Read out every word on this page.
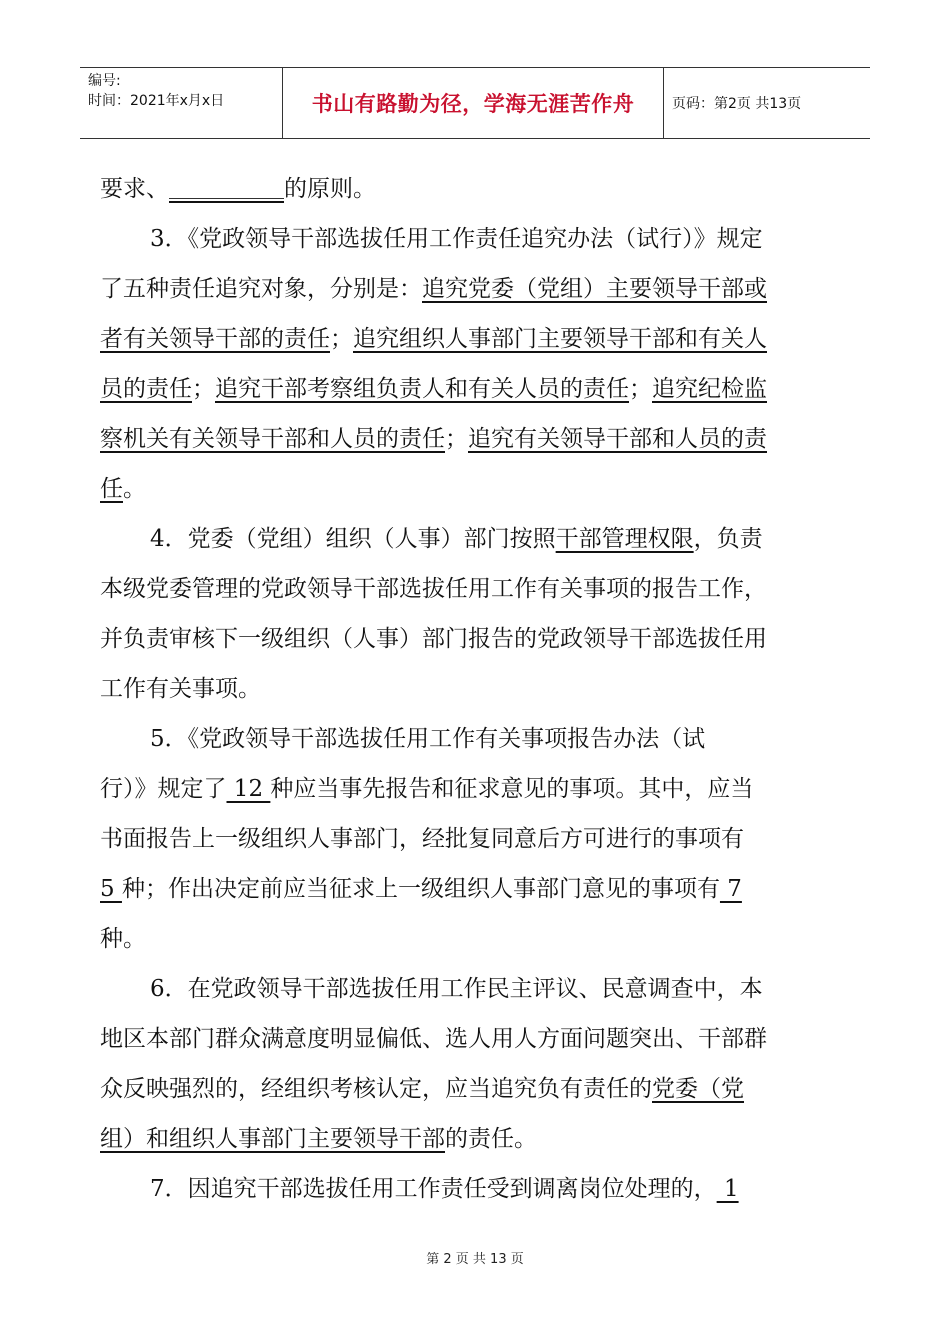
编号:
时间：2021年x月x日	书山有路勤为径，学海无涯苦作舟	页码：第2页 共13页
要求、 ＿＿＿＿＿ 的原则。
3．《党政领导干部选拔任用工作责任追究办法（试行）》规定
了五种责任追究对象，分别是：追究党委（党组）主要领导干部或
者有关领导干部的责任；追究组织人事部门主要领导干部和有关人
员的责任；追究干部考察组负责人和有关人员的责任；追究纪检监
察机关有关领导干部和人员的责任；追究有关领导干部和人员的责
任 。
4．党委（党组）组织（人事）部门按照干部管理权限，负责
本级党委管理的党政领导干部选拔任用工作有关事项的报告工作，
并负责审核下一级组织（人事）部门报告的党政领导干部选拔任用
工作有关事项。
5．《党政领导干部选拔任用工作有关事项报告办法（试
行）》规定了 12 种应当事先报告和征求意见的事项。其中，应当
书面报告上一级组织人事部门，经批复同意后方可进行的事项有
5 种；作出决定前应当征求上一级组织人事部门意见的事项有 7
种。
6．在党政领导干部选拔任用工作民主评议、民意调查中，本
地区本部门群众满意度明显偏低、选人用人方面问题突出、干部群
众反映强烈的，经组织考核认定，应当追究负有责任的党委（党
组）和组织人事部门主要领导干部 的责任。
7．因追究干部选拔任用工作责任受到调离岗位处理的， 1
第 2 页 共 13 页
